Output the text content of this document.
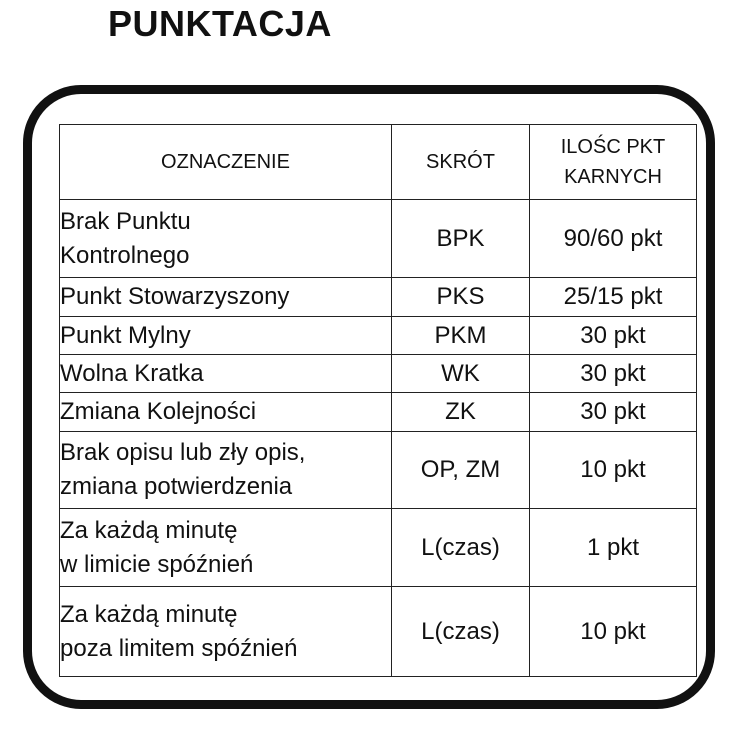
PUNKTACJA
OZNACZENIE	SKRÓT	ILOŚC PKT
KARNYCH

Brak Punktu
Kontrolnego	BPK	90/60 pkt

Punkt Stowarzyszony	PKS	25/15 pkt

Punkt Mylny	PKM	30 pkt

Wolna Kratka	WK	30 pkt

Zmiana Kolejności	ZK	30 pkt

Brak opisu lub zły opis,
zmiana potwierdzenia	OP, ZM	10 pkt

Za każdą minutę
w limicie spóźnień	L(czas)	1 pkt

Za każdą minutę
poza limitem spóźnień	L(czas)	10 pkt
